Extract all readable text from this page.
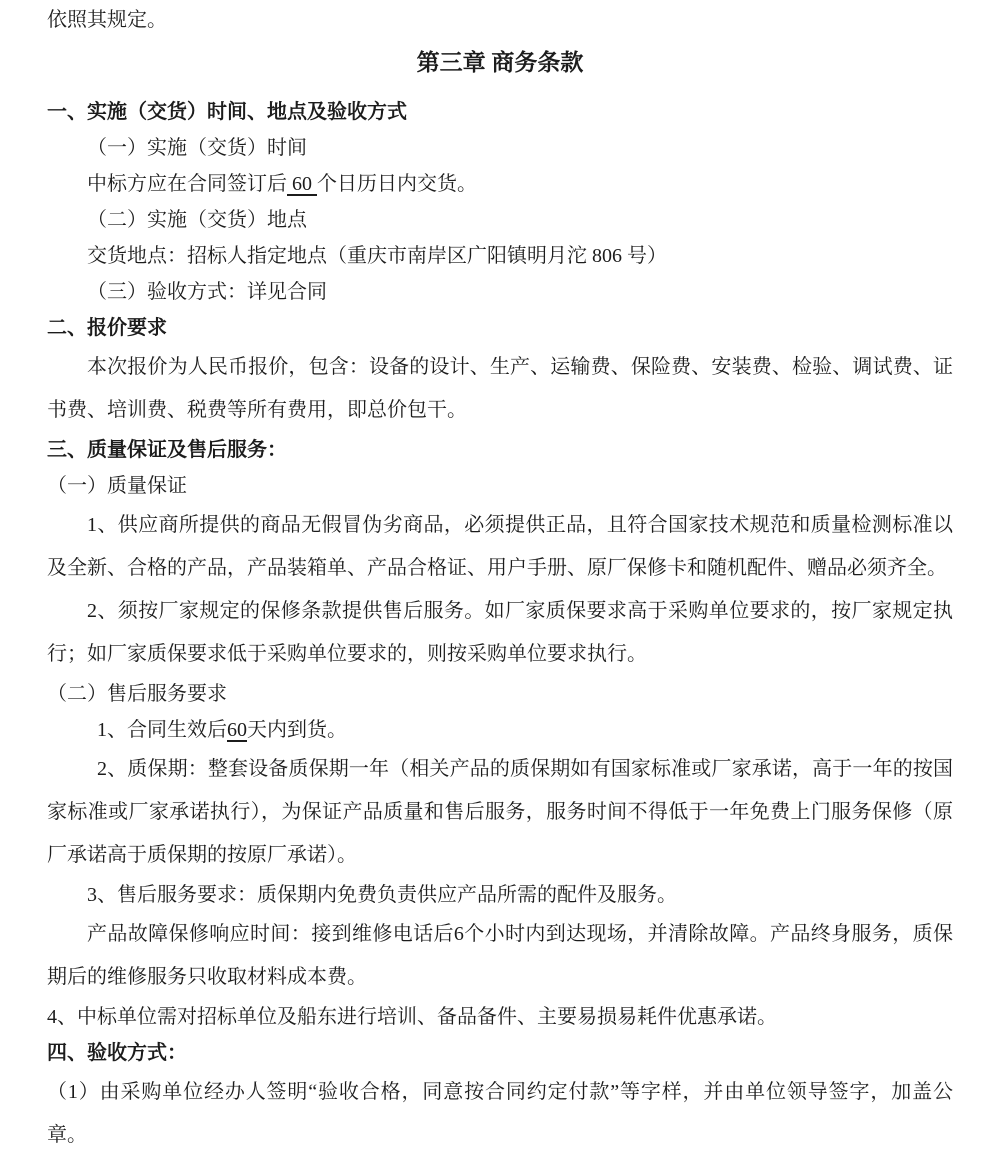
依照其规定。

第三章 商务条款

一、实施（交货）时间、地点及验收方式

（一）实施（交货）时间

中标方应在合同签订后 60 个日历日内交货。

（二）实施（交货）地点

交货地点：招标人指定地点（重庆市南岸区广阳镇明月沱 806 号）

（三）验收方式：详见合同

二、报价要求

本次报价为人民币报价，包含：设备的设计、生产、运输费、保险费、安装费、检验、调试费、证书费、培训费、税费等所有费用，即总价包干。

三、质量保证及售后服务：

（一）质量保证

1、供应商所提供的商品无假冒伪劣商品，必须提供正品，且符合国家技术规范和质量检测标准以及全新、合格的产品，产品装箱单、产品合格证、用户手册、原厂保修卡和随机配件、赠品必须齐全。

2、须按厂家规定的保修条款提供售后服务。如厂家质保要求高于采购单位要求的，按厂家规定执行；如厂家质保要求低于采购单位要求的，则按采购单位要求执行。

（二）售后服务要求

1、合同生效后60天内到货。

2、质保期：整套设备质保期一年（相关产品的质保期如有国家标准或厂家承诺，高于一年的按国家标准或厂家承诺执行），为保证产品质量和售后服务，服务时间不得低于一年免费上门服务保修（原厂承诺高于质保期的按原厂承诺）。

3、售后服务要求：质保期内免费负责供应产品所需的配件及服务。

产品故障保修响应时间：接到维修电话后6个小时内到达现场，并清除故障。产品终身服务，质保期后的维修服务只收取材料成本费。

4、中标单位需对招标单位及船东进行培训、备品备件、主要易损易耗件优惠承诺。

四、验收方式：

（1）由采购单位经办人签明“验收合格，同意按合同约定付款”等字样，并由单位领导签字，加盖公章。
